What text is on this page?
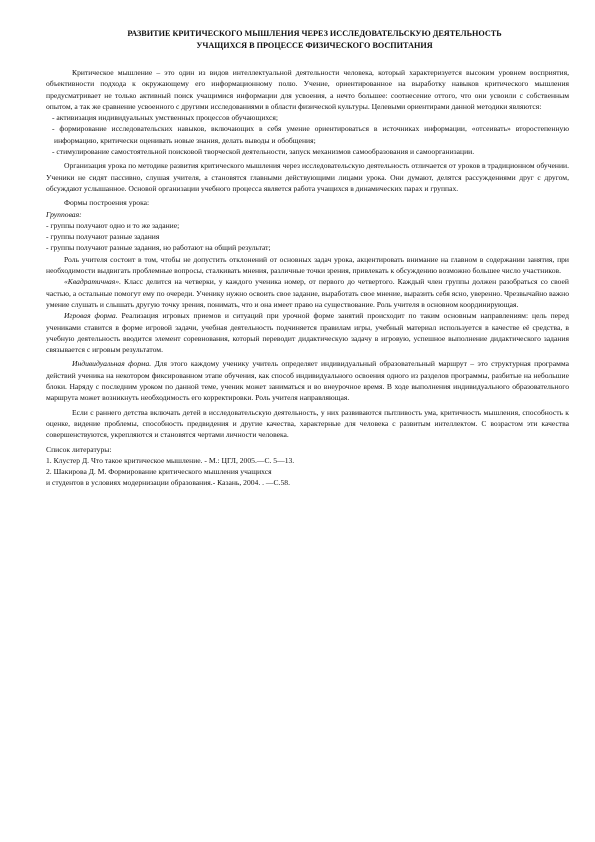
РАЗВИТИЕ КРИТИЧЕСКОГО МЫШЛЕНИЯ ЧЕРЕЗ ИССЛЕДОВАТЕЛЬСКУЮ ДЕЯТЕЛЬНОСТЬ
УЧАЩИХСЯ В ПРОЦЕССЕ ФИЗИЧЕСКОГО ВОСПИТАНИЯ

Критическое мышление – это один из видов интеллектуальной деятельности человека, который характеризуется высоким уровнем восприятия, объективности подхода к окружающему его информационному полю. Учение, ориентированное на выработку навыков критического мышления предусматривает не только активный поиск учащимися информации для усвоения, а нечто большее: соотнесение оттого, что они усвоили с собственным опытом, а так же сравнение усвоенного с другими исследованиями в области физической культуры. Целевыми ориентирами данной методики являются:

- активизация индивидуальных умственных процессов обучающихся;

- формирование исследовательских навыков, включающих в себя умение ориентироваться в источниках информации, «отсеивать» второстепенную информацию, критически оценивать новые знания, делать выводы и обобщения;

- стимулирование самостоятельной поисковой творческой деятельности, запуск механизмов самообразования и самоорганизации.

Организация урока по методике развития критического мышления через исследовательскую деятельность отличается от уроков в традиционном обучении. Ученики не сидят пассивно, слушая учителя, а становятся главными действующими лицами урока. Они думают, делятся рассуждениями друг с другом, обсуждают услышанное. Основой организации учебного процесса является работа учащихся в динамических парах и группах.

Формы построения урока:

Групповая:

- группы получают одно и то же задание;

- группы получают разные задания

- группы получают разные задания, но работают на общий результат;

Роль учителя состоит в том, чтобы не допустить отклонений от основных задач урока, акцентировать внимание на главном в содержании занятия, при необходимости выдвигать проблемные вопросы, сталкивать мнения, различные точки зрения, привлекать к обсуждению возможно большее число участников.

«Квадратичная». Класс делится на четверки, у каждого ученика номер, от первого до четвертого. Каждый член группы должен разобраться со своей частью, а остальные помогут ему по очереди. Ученику нужно освоить свое задание, выработать свое мнение, выразить себя ясно, уверенно. Чрезвычайно важно умение слушать и слышать другую точку зрения, понимать, что и она имеет право на существование. Роль учителя в основном координирующая.

Игровая форма. Реализация игровых приемов и ситуаций при урочной форме занятий происходит по таким основным направлениям: цель перед учениками ставится в форме игровой задачи, учебная деятельность подчиняется правилам игры, учебный материал используется в качестве её средства, в учебную деятельность вводится элемент соревнования, который переводит дидактическую задачу в игровую, успешное выполнение дидактического задания связывается с игровым результатом.

Индивидуальная форма. Для этого каждому ученику учитель определяет индивидуальный образовательный маршрут – это структурная программа действий ученика на некотором фиксированном этапе обучения, как способ индивидуального освоения одного из разделов программы, разбитые на небольшие блоки. Наряду с последним уроком по данной теме, ученик может заниматься и во внеурочное время. В ходе выполнения индивидуального образовательного маршрута может возникнуть необходимость его корректировки. Роль учителя направляющая.

Если с раннего детства включать детей в исследовательскую деятельность, у них развиваются пытливость ума, критичность мышления, способность к оценке, видение проблемы, способность предвидения и другие качества, характерные для человека с развитым интеллектом. С возрастом эти качества совершенствуются, укрепляются и становятся чертами личности человека.

Список литературы:

1. Клустер Д. Что такое критическое мышление. - М.: ЦГЛ, 2005.—С. 5—13.

2. Шакирова Д. М. Формирование критического мышления учащихся

и студентов в условиях модернизации образования.- Казань, 2004. . —С.58.
